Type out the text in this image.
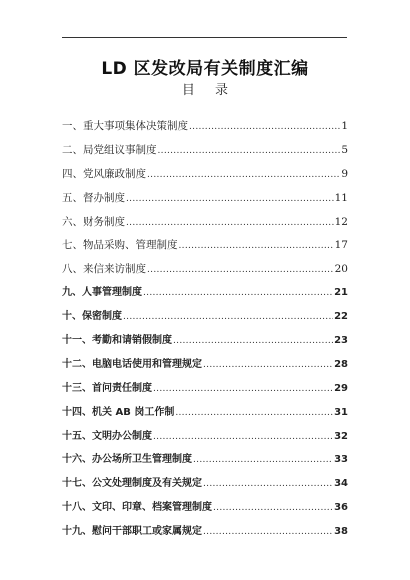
LD 区发改局有关制度汇编
目 录
一、重大事项集体决策制度 .....	1
二、局党组议事制度 .....	5
四、党风廉政制度 .....	9
五、督办制度 .....	11
六、财务制度 .....	12
七、物品采购、管理制度 .....	17
八、来信来访制度 .....	20
九、人事管理制度 .....	21
十、保密制度 .....	22
十一、考勤和请销假制度 .....	23
十二、电脑电话使用和管理规定 .....	28
十三、首问责任制度 .....	29
十四、机关 AB 岗工作制 .....	31
十五、文明办公制度 .....	32
十六、办公场所卫生管理制度 .....	33
十七、公文处理制度及有关规定 .....	34
十八、文印、印章、档案管理制度 .....	36
十九、慰问干部职工或家属规定 .....	38
